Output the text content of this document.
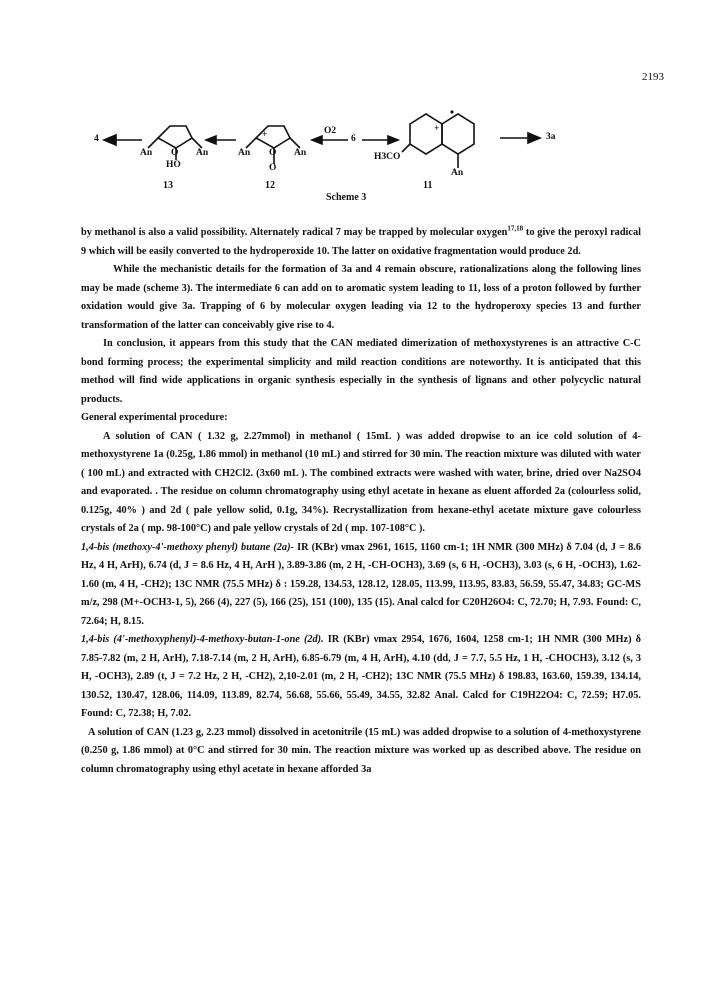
2193
4
An O An
HO
An
+
O An
O
O2
6
+
H3CO
An
3a
13	12	11
Scheme 3

by methanol is also a valid possibility. Alternately radical 7 may be trapped by molecular oxygen$^{17,18}$ to give the peroxyl radical 9 which will be easily converted to the hydroperoxide 10. The latter on oxidative fragmentation would produce 2d.

While the mechanistic details for the formation of 3a and 4 remain obscure, rationalizations along the following lines may be made (scheme 3). The intermediate 6 can add on to aromatic system leading to 11, loss of a proton followed by further oxidation would give 3a. Trapping of 6 by molecular oxygen leading via 12 to the hydroperoxy species 13 and further transformation of the latter can conceivably give rise to 4.

In conclusion, it appears from this study that the CAN mediated dimerization of methoxystyrenes is an attractive C-C bond forming process; the experimental simplicity and mild reaction conditions are noteworthy. It is anticipated that this method will find wide applications in organic synthesis especially in the synthesis of lignans and other polycyclic natural products.

General experimental procedure:

A solution of CAN ( 1.32 g, 2.27mmol) in methanol ( 15mL ) was added dropwise to an ice cold solution of 4-methoxystyrene 1a (0.25g, 1.86 mmol) in methanol (10 mL) and stirred for 30 min. The reaction mixture was diluted with water ( 100 mL) and extracted with CH2Cl2. (3x60 mL ). The combined extracts were washed with water, brine, dried over Na2SO4 and evaporated. . The residue on column chromatography using ethyl acetate in hexane as eluent afforded 2a (colourless solid, 0.125g, 40% ) and 2d ( pale yellow solid, 0.1g, 34%). Recrystallization from hexane-ethyl acetate mixture gave colourless crystals of 2a ( mp. 98-100°C) and pale yellow crystals of 2d ( mp. 107-108°C ).

1,4-bis (methoxy-4'-methoxy phenyl) butane (2a)- IR (KBr) νmax 2961, 1615, 1160 cm-1; 1H NMR (300 MHz) δ 7.04 (d, J = 8.6 Hz, 4 H, ArH), 6.74 (d, J = 8.6 Hz, 4 H, ArH ), 3.89-3.86 (m, 2 H, -CH-OCH3), 3.69 (s, 6 H, -OCH3), 3.03 (s, 6 H, -OCH3), 1.62-1.60 (m, 4 H, -CH2); 13C NMR (75.5 MHz) δ : 159.28, 134.53, 128.12, 128.05, 113.99, 113.95, 83.83, 56.59, 55.47, 34.83; GC-MS m/z, 298 (M+-OCH3-1, 5), 266 (4), 227 (5), 166 (25), 151 (100), 135 (15). Anal calcd for C20H26O4: C, 72.70; H, 7.93. Found: C, 72.64; H, 8.15.

1,4-bis (4'-methoxyphenyl)-4-methoxy-butan-1-one (2d). IR (KBr) νmax 2954, 1676, 1604, 1258 cm-1; 1H NMR (300 MHz) δ 7.85-7.82 (m, 2 H, ArH), 7.18-7.14 (m, 2 H, ArH), 6.85-6.79 (m, 4 H, ArH), 4.10 (dd, J = 7.7, 5.5 Hz, 1 H, -CHOCH3), 3.12 (s, 3 H, -OCH3), 2.89 (t, J = 7.2 Hz, 2 H, -CH2), 2,10-2.01 (m, 2 H, -CH2); 13C NMR (75.5 MHz) δ 198.83, 163.60, 159.39, 134.14, 130.52, 130.47, 128.06, 114.09, 113.89, 82.74, 56.68, 55.66, 55.49, 34.55, 32.82 Anal. Calcd for C19H22O4: C, 72.59; H7.05. Found: C, 72.38; H, 7.02.

A solution of CAN (1.23 g, 2.23 mmol) dissolved in acetonitrile (15 mL) was added dropwise to a solution of 4-methoxystyrene (0.250 g, 1.86 mmol) at 0°C and stirred for 30 min. The reaction mixture was worked up as described above. The residue on column chromatography using ethyl acetate in hexane afforded 3a
